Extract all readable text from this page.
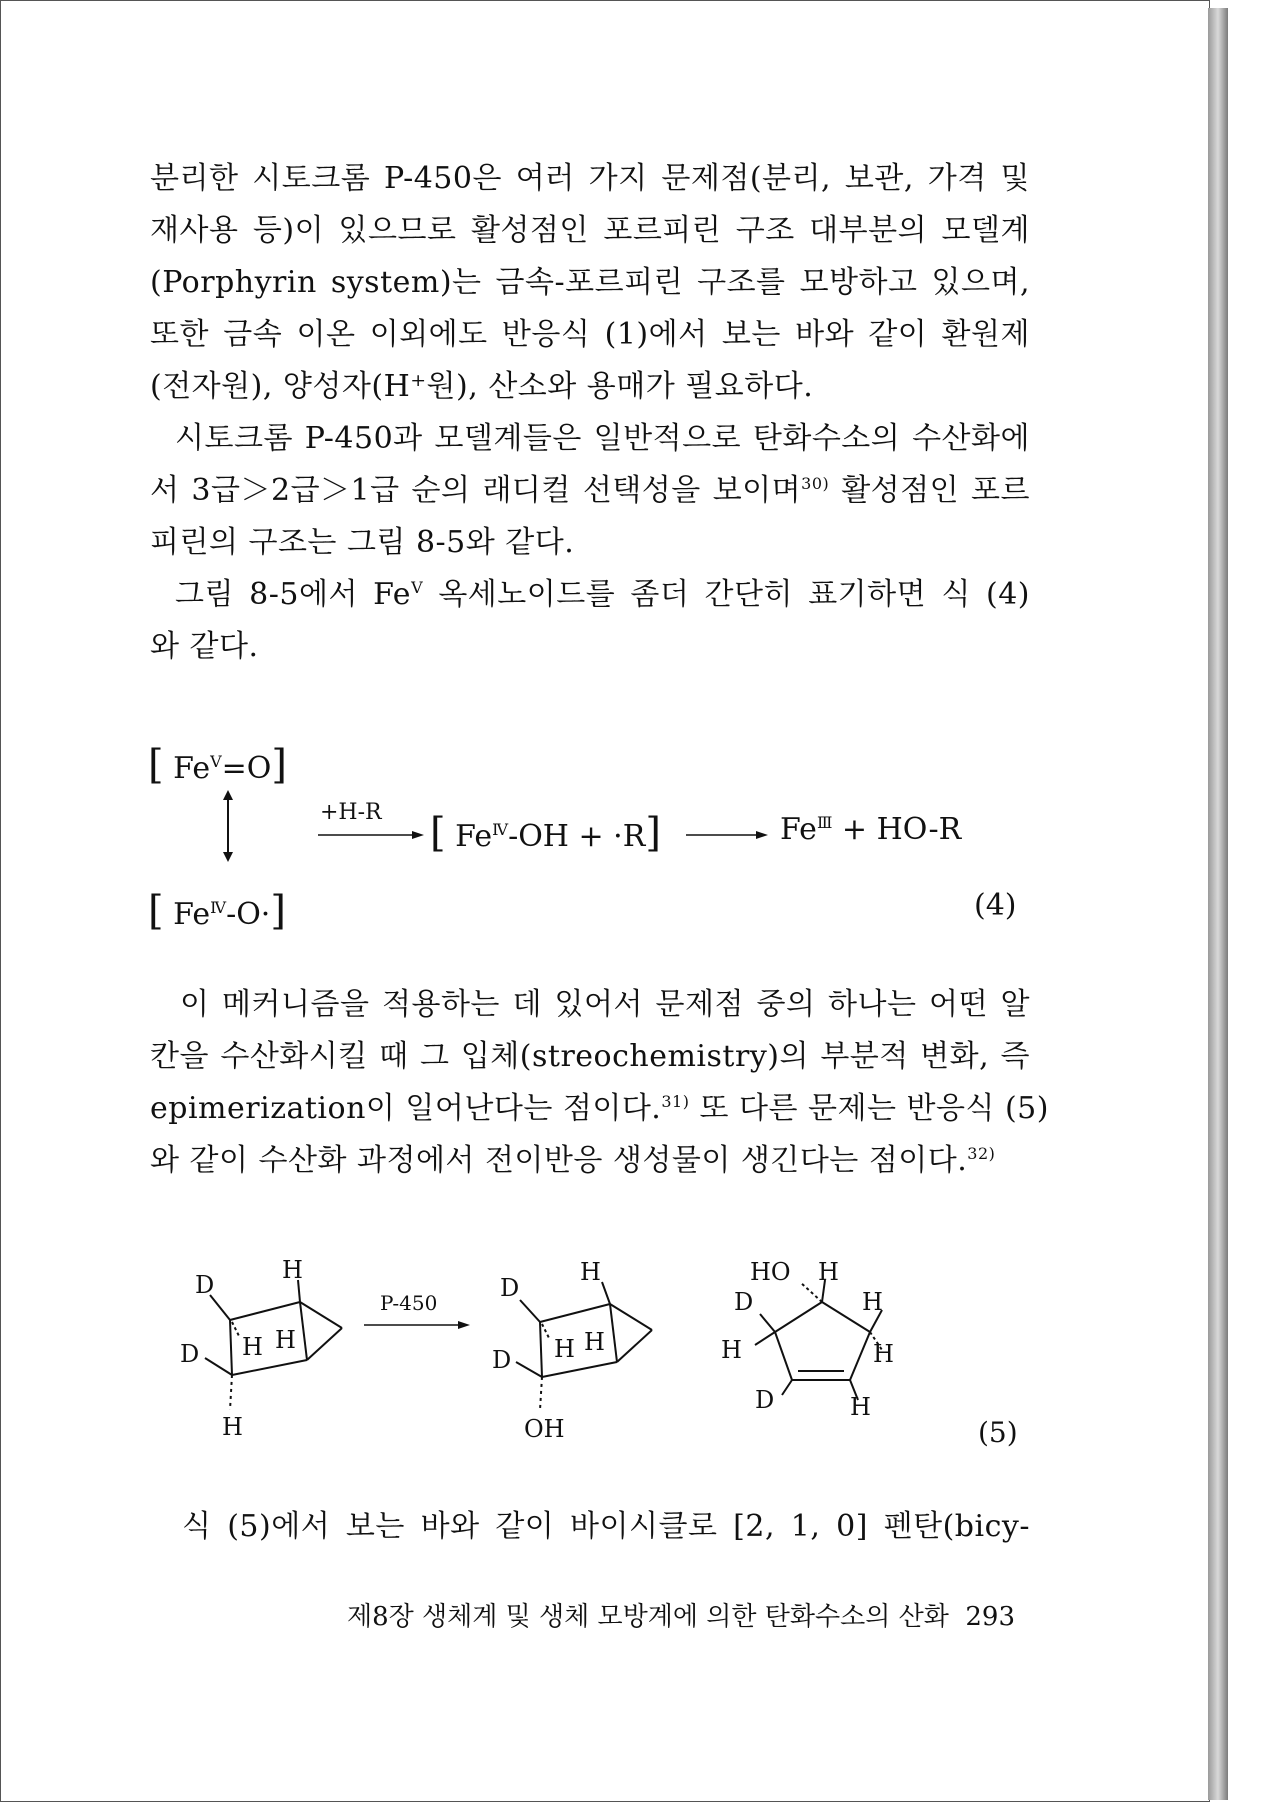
분리한 시토크롬 P-450은 여러 가지 문제점(분리, 보관, 가격 및
재사용 등)이 있으므로 활성점인 포르피린 구조 대부분의 모델계
(Porphyrin system)는 금속-포르피린 구조를 모방하고 있으며,
또한 금속 이온 이외에도 반응식 (1)에서 보는 바와 같이 환원제
(전자원), 양성자(H⁺원), 산소와 용매가 필요하다.
시토크롬 P-450과 모델계들은 일반적으로 탄화수소의 수산화에
서 3급＞2급＞1급 순의 래디컬 선택성을 보이며$^{30)}$ 활성점인 포르
피린의 구조는 그림 8-5와 같다.
그림 8-5에서 $Fe^V$ 옥세노이드를 좀더 간단히 표기하면 식 (4)
와 같다.
[ $Fe^V=O$]
+H-R [ $Fe^Ⅳ-OH + \cdot R$]	$Fe^Ⅲ + HO-R$
[ $Fe^Ⅳ-O\cdot$]	(4)
이 메커니즘을 적용하는 데 있어서 문제점 중의 하나는 어떤 알
칸을 수산화시킬 때 그 입체(streochemistry)의 부분적 변화, 즉
epimerization이 일어난다는 점이다.$^{31)}$ 또 다른 문제는 반응식 (5)
와 같이 수산화 과정에서 전이반응 생성물이 생긴다는 점이다.$^{32)}$
D
D
H
H H
H
P-450
D
D
H
H H
OH
HO H
D	H
H	H
D	H
(5)
식 (5)에서 보는 바와 같이 바이시클로 [2, 1, 0] 펜탄(bicy-
제8장 생체계 및 생체 모방계에 의한 탄화수소의 산화 293
